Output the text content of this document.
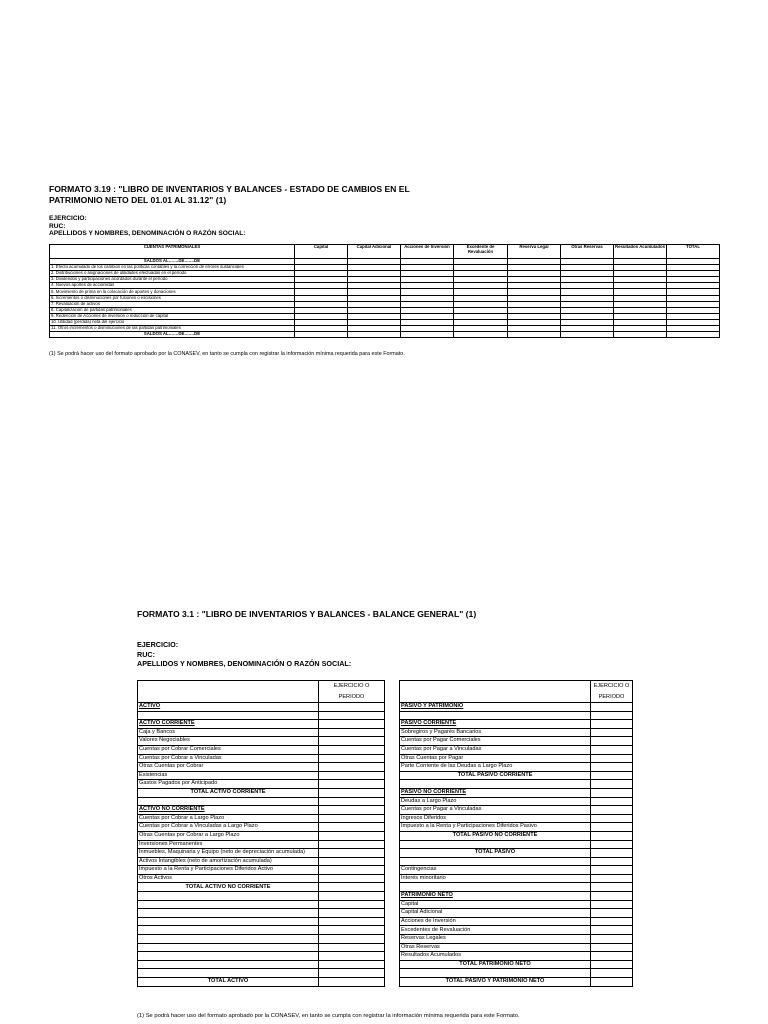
FORMATO 3.19 : "LIBRO DE INVENTARIOS Y BALANCES - ESTADO DE CAMBIOS EN EL
PATRIMONIO NETO DEL 01.01 AL 31.12" (1)
EJERCICIO:
RUC:
APELLIDOS Y NOMBRES, DENOMINACIÓN O RAZÓN SOCIAL:
CUENTAS PATRIMONIALES	Capital	Capital Adicional	Acciones de Inversión	Excedente de Revaluación	Reserva Legal	Otras Reservas	Resultados Acumulados	TOTAL
SALDOS AL…….DE…….DE								
1. Efecto acumulado de los cambios en las políticas contables y la corrección de errores sustanciales								
2. Distribuciones o asignaciones de utilidades efectuadas en el período								
3. Dividendos y participaciones acordados durante el período								
4. Nuevos aportes de accionistas								
5. Movimiento de prima en la colocación de aportes y donaciones								
6. Incrementos o disminuciones por fusiones o escisiones								
7. Revaluación de activos								
8. Capitalización de partidas patrimoniales								
9. Redención de Acciones de inversión o reducción de capital								
10. Utilidad (pérdida) neta del ejercicio								
11. Otros incrementos o disminuciones de las partidas patrimoniales								
SALDOS AL…….DE…….DE								
(1) Se podrá hacer uso del formato aprobado por la CONASEV, en tanto se cumpla con registrar la información mínima requerida para este Formato.
FORMATO 3.1 : "LIBRO DE INVENTARIOS Y BALANCES - BALANCE GENERAL" (1)
EJERCICIO:
RUC:
APELLIDOS Y NOMBRES, DENOMINACIÓN O RAZÓN SOCIAL:

	EJERCICIO O
PERIODO

ACTIVO	

ACTIVO CORRIENTE	
Caja y Bancos	
Valores Negociables	
Cuentas por Cobrar Comerciales	
Cuentas por Cobrar a Vinculadas	
Otras Cuentas por Cobrar	
Existencias	
Gastos Pagados por Anticipado	
TOTAL ACTIVO CORRIENTE	

ACTIVO NO CORRIENTE	
Cuentas por Cobrar a Largo Plazo	
Cuentas por Cobrar a Vinculadas a Largo Plazo	
Otras Cuentas por Cobrar a Largo Plazo	
Inversiones Permanentes	
Inmuebles, Maquinaria y Equipo (neto de depreciación acumulada)	
Activos Intangibles (neto de amortización acumulada)	
Impuesto a la Renta y Participaciones Diferidos Activo	
Otros Activos	
TOTAL ACTIVO NO CORRIENTE	

TOTAL ACTIVO	

	EJERCICIO O
PERIODO

PASIVO Y PATRIMONIO	

PASIVO CORRIENTE	
Sobregiros y Pagarés Bancarios	
Cuentas por Pagar Comerciales	
Cuentas por Pagar a Vinculadas	
Otras Cuentas por Pagar	
Parte Corriente de las Deudas a Largo Plazo	
TOTAL PASIVO CORRIENTE	

PASIVO NO CORRIENTE	
Deudas a Largo Plazo	
Cuentas por Pagar a Vinculadas	
Ingresos Diferidos	
Impuesto a la Renta y Participaciones Diferidos Pasivo	
TOTAL PASIVO NO CORRIENTE	

TOTAL PASIVO	

Contingencias	
Interés minoritario	

PATRIMONIO NETO	
Capital	
Capital Adicional	
Acciones de Inversión	
Excedentes de Revaluación	
Reservas Legales	
Otras Reservas	
Resultados Acumulados	
TOTAL PATRIMONIO NETO	

TOTAL PASIVO Y PATRIMONIO NETO	
(1) Se podrá hacer uso del formato aprobado por la CONASEV, en tanto se cumpla con registrar la información mínima requerida para este Formato.
